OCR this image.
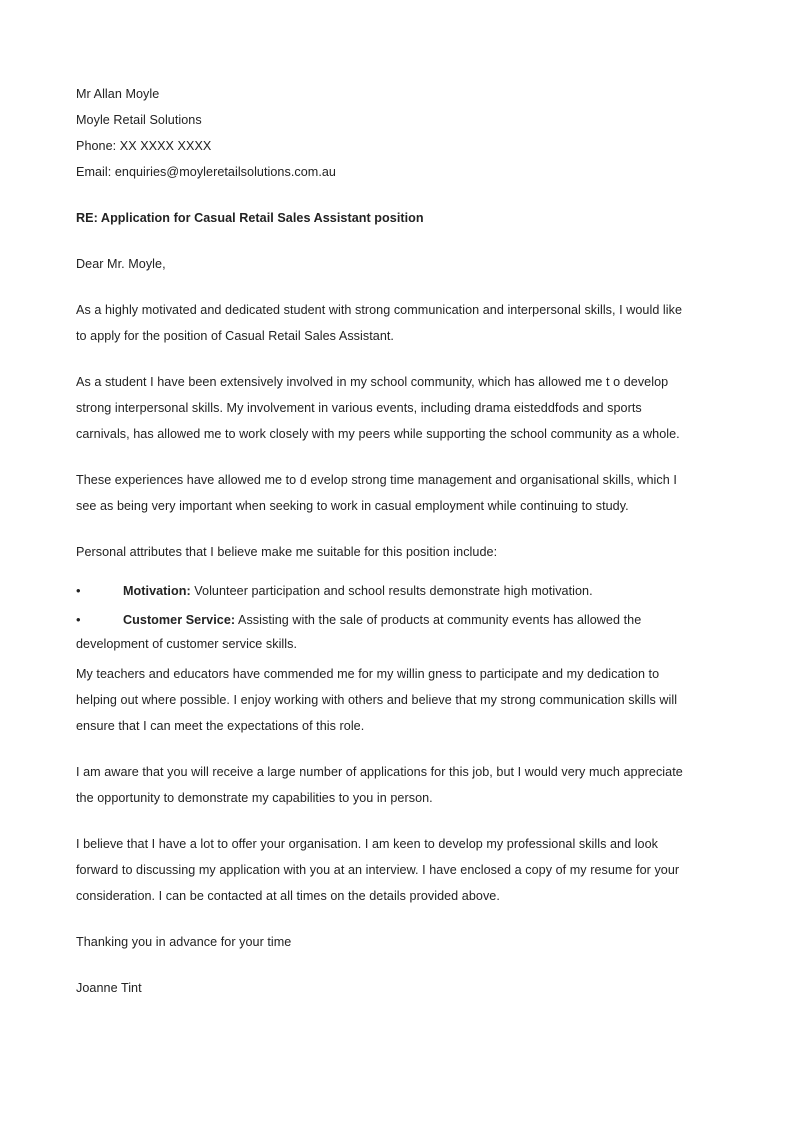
Mr Allan Moyle

Moyle Retail Solutions

Phone: XX XXXX XXXX

Email: enquiries@moyleretailsolutions.com.au

RE: Application for Casual Retail Sales Assistant position

Dear Mr. Moyle,

As a highly motivated and dedicated student with strong communication and interpersonal skills, I would like

to apply for the position of Casual Retail Sales Assistant.

As a student I have been extensively involved in my school community, which has allowed me t o develop

strong interpersonal skills. My involvement in various events, including drama eisteddfods and sports

carnivals, has allowed me to work closely with my peers while supporting the school community as a whole.

These experiences have allowed me to d evelop strong time management and organisational skills, which I

see as being very important when seeking to work in casual employment while continuing to study.

Personal attributes that I believe make me suitable for this position include:

•	Motivation: Volunteer participation and school results demonstrate high motivation.
•	Customer Service: Assisting with the sale of products at community events has allowed the
development of customer service skills.

My teachers and educators have commended me for my willin gness to participate and my dedication to

helping out where possible. I enjoy working with others and believe that my strong communication skills will

ensure that I can meet the expectations of this role.

I am aware that you will receive a large number of applications for this job, but I would very much appreciate

the opportunity to demonstrate my capabilities to you in person.

I believe that I have a lot to offer your organisation. I am keen to develop my professional skills and look

forward to discussing my application with you at an interview. I have enclosed a copy of my resume for your

consideration. I can be contacted at all times on the details provided above.

Thanking you in advance for your time

Joanne Tint
